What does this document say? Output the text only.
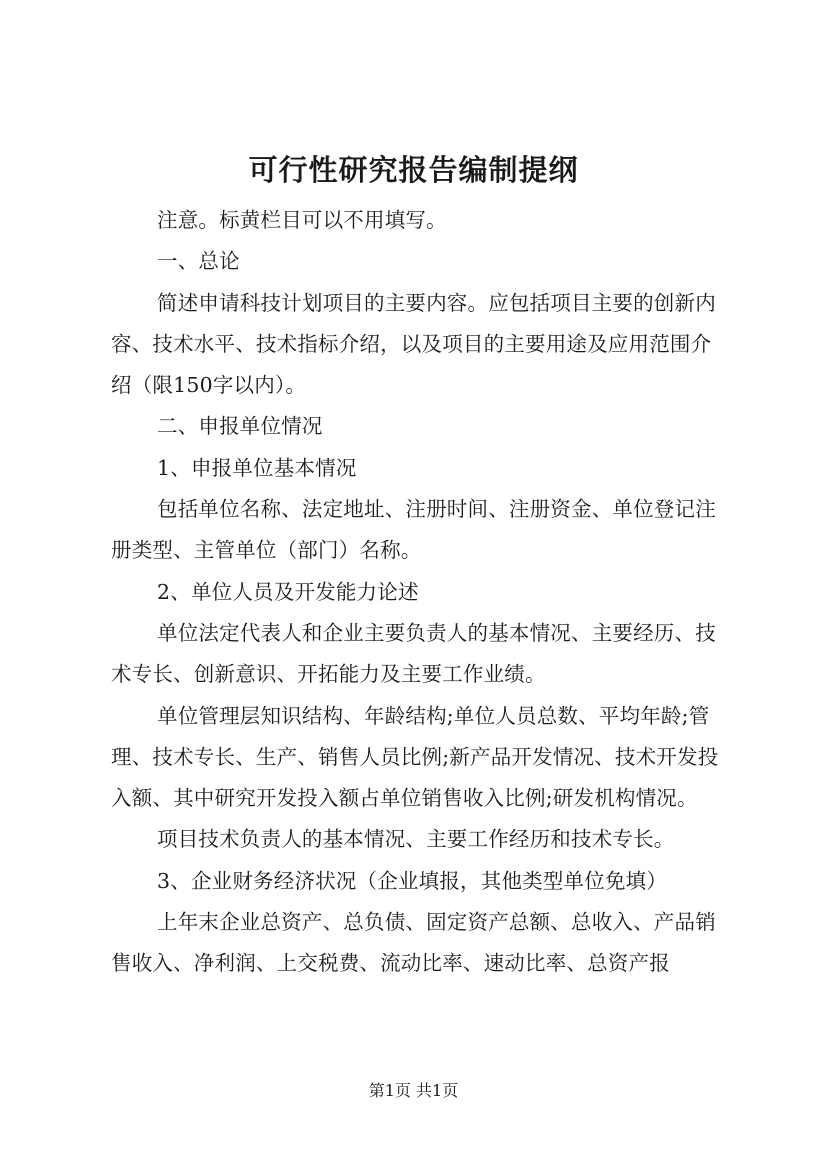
可行性研究报告编制提纲

注意。标黄栏目可以不用填写。

一、总论

简述申请科技计划项目的主要内容。应包括项目主要的创新内容、技术水平、技术指标介绍，以及项目的主要用途及应用范围介绍（限150字以内）。

二、申报单位情况

1、申报单位基本情况

包括单位名称、法定地址、注册时间、注册资金、单位登记注册类型、主管单位（部门）名称。

2、单位人员及开发能力论述

单位法定代表人和企业主要负责人的基本情况、主要经历、技术专长、创新意识、开拓能力及主要工作业绩。

单位管理层知识结构、年龄结构;单位人员总数、平均年龄;管理、技术专长、生产、销售人员比例;新产品开发情况、技术开发投入额、其中研究开发投入额占单位销售收入比例;研发机构情况。

项目技术负责人的基本情况、主要工作经历和技术专长。

3、企业财务经济状况（企业填报，其他类型单位免填）

上年末企业总资产、总负债、固定资产总额、总收入、产品销售收入、净利润、上交税费、流动比率、速动比率、总资产报

第1页 共1页
